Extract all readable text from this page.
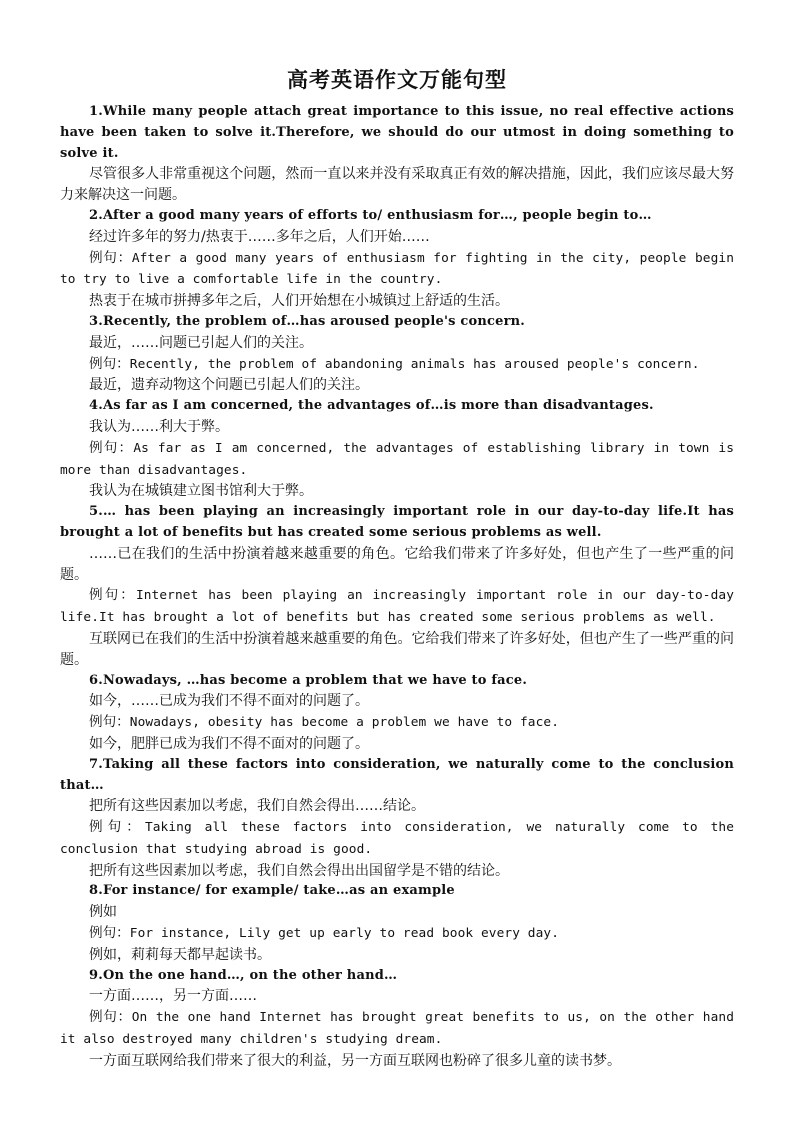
高考英语作文万能句型

1.While many people attach great importance to this issue, no real effective actions have been taken to solve it.Therefore, we should do our utmost in doing something to solve it.

尽管很多人非常重视这个问题，然而一直以来并没有采取真正有效的解决措施，因此，我们应该尽最大努力来解决这一问题。

2.After a good many years of efforts to/ enthusiasm for…, people begin to…

经过许多年的努力/热衷于……多年之后，人们开始……

例句：After a good many years of enthusiasm for fighting in the city, people begin to try to live a comfortable life in the country.

热衷于在城市拼搏多年之后，人们开始想在小城镇过上舒适的生活。

3.Recently, the problem of…has aroused people's concern.

最近，……问题已引起人们的关注。

例句：Recently, the problem of abandoning animals has aroused people's concern.

最近，遗弃动物这个问题已引起人们的关注。

4.As far as I am concerned, the advantages of…is more than disadvantages.

我认为……利大于弊。

例句：As far as I am concerned, the advantages of establishing library in town is more than disadvantages.

我认为在城镇建立图书馆利大于弊。

5.… has been playing an increasingly important role in our day-to-day life.It has brought a lot of benefits but has created some serious problems as well.

……已在我们的生活中扮演着越来越重要的角色。它给我们带来了许多好处，但也产生了一些严重的问题。

例句：Internet has been playing an increasingly important role in our day-to-day life.It has brought a lot of benefits but has created some serious problems as well.

互联网已在我们的生活中扮演着越来越重要的角色。它给我们带来了许多好处，但也产生了一些严重的问题。

6.Nowadays, …has become a problem that we have to face.

如今，……已成为我们不得不面对的问题了。

例句：Nowadays, obesity has become a problem we have to face.

如今，肥胖已成为我们不得不面对的问题了。

7.Taking all these factors into consideration, we naturally come to the conclusion that…

把所有这些因素加以考虑，我们自然会得出……结论。

例句：Taking all these factors into consideration, we naturally come to the conclusion that studying abroad is good.

把所有这些因素加以考虑，我们自然会得出出国留学是不错的结论。

8.For instance/ for example/ take…as an example

例如

例句：For instance, Lily get up early to read book every day.

例如，莉莉每天都早起读书。

9.On the one hand…, on the other hand…

一方面……，另一方面……

例句：On the one hand Internet has brought great benefits to us, on the other hand it also destroyed many children's studying dream.

一方面互联网给我们带来了很大的利益，另一方面互联网也粉碎了很多儿童的读书梦。
